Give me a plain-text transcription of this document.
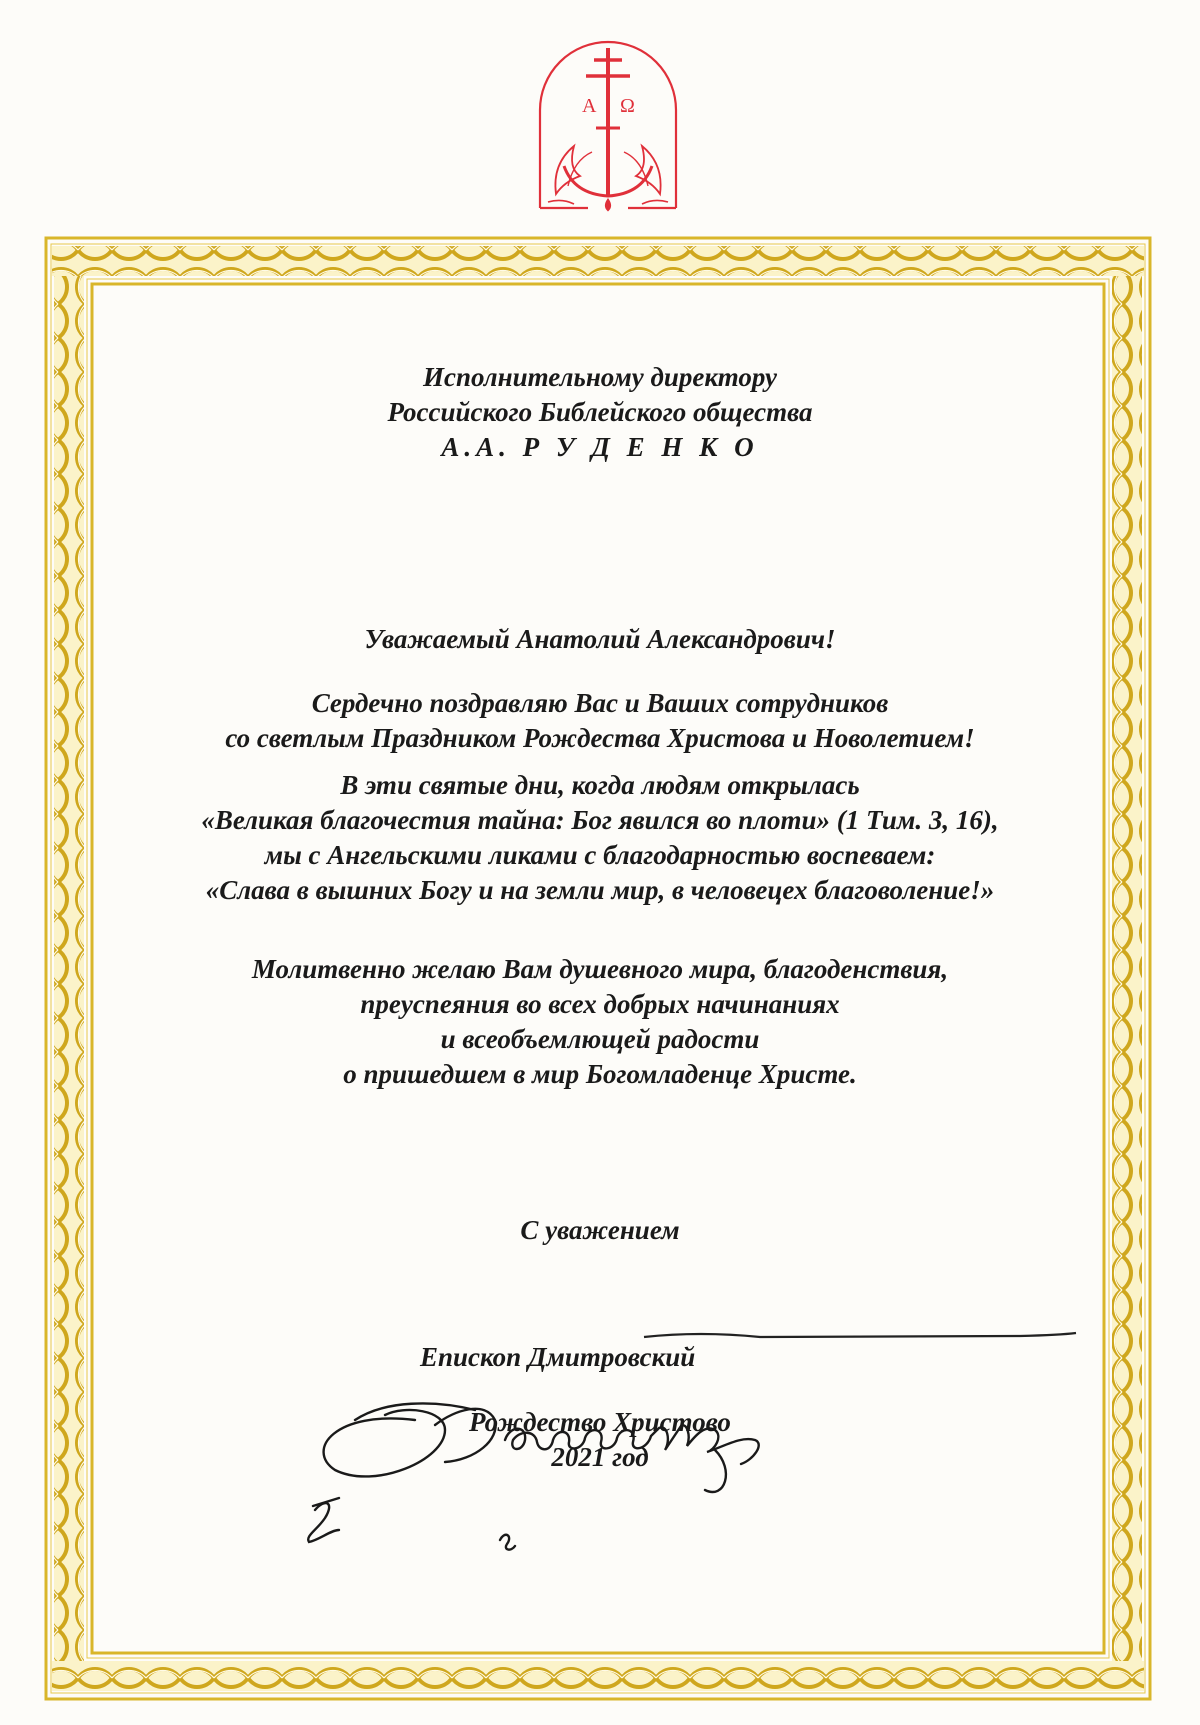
А Ω

Исполнительному директору

Российского Библейского общества

А.А. Р У Д Е Н К О

Уважаемый Анатолий Александрович!

Сердечно поздравляю Вас и Ваших сотрудников

со светлым Праздником Рождества Христова и Новолетием!

В эти святые дни, когда людям открылась

«Великая благочестия тайна: Бог явился во плоти» (1 Тим. 3, 16),

мы с Ангельскими ликами с благодарностью воспеваем:

«Слава в вышних Богу и на земли мир, в человецех благоволение!»

Молитвенно желаю Вам душевного мира, благоденствия,

преуспеяния во всех добрых начинаниях

и всеобъемлющей радости

о пришедшем в мир Богомладенце Христе.

С уважением

Епископ Дмитровский

Рождество Христово

2021 год
